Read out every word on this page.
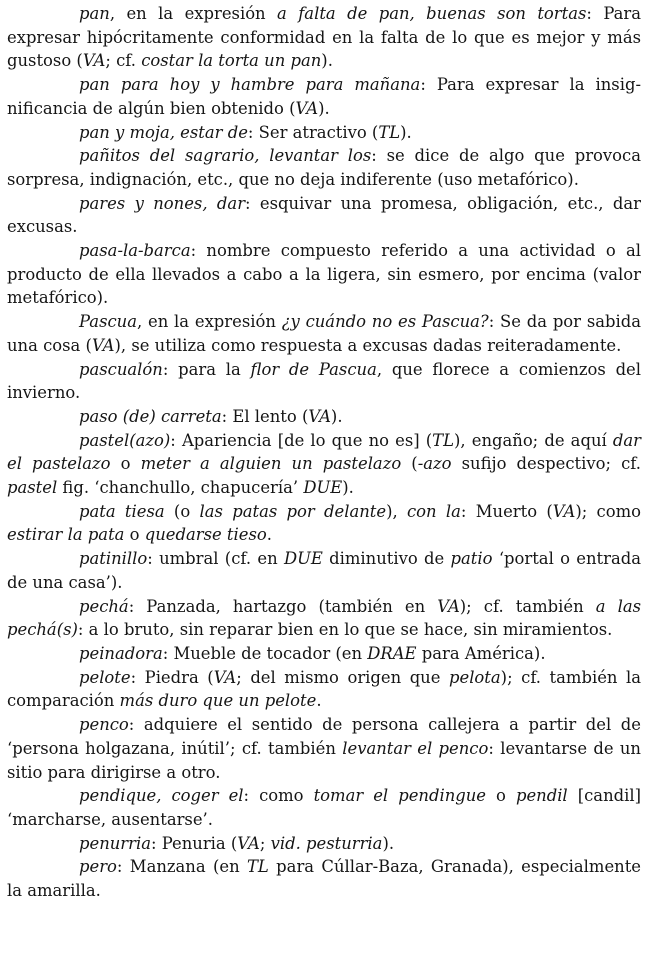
pan, en la expresión a falta de pan, buenas son tortas: Para expresar hipócritamente conformidad en la falta de lo que es mejor y más gustoso (VA; cf. costar la torta un pan).

pan para hoy y hambre para mañana: Para expresar la insignificancia de algún bien obtenido (VA).

pan y moja, estar de: Ser atractivo (TL).

pañitos del sagrario, levantar los: se dice de algo que provoca sorpresa, indignación, etc., que no deja indiferente (uso metafórico).

pares y nones, dar: esquivar una promesa, obligación, etc., dar excusas.

pasa-la-barca: nombre compuesto referido a una actividad o al producto de ella llevados a cabo a la ligera, sin esmero, por encima (valor metafórico).

Pascua, en la expresión ¿y cuándo no es Pascua?: Se da por sabida una cosa (VA), se utiliza como respuesta a excusas dadas reiteradamente.

pascualón: para la flor de Pascua, que florece a comienzos del invierno.

paso (de) carreta: El lento (VA).

pastel(azo): Apariencia [de lo que no es] (TL), engaño; de aquí dar el pastelazo o meter a alguien un pastelazo (-azo sufijo despectivo; cf. pastel fig. ‘chanchullo, chapucería’ DUE).

pata tiesa (o las patas por delante), con la: Muerto (VA); como estirar la pata o quedarse tieso.

patinillo: umbral (cf. en DUE diminutivo de patio ‘portal o entrada de una casa’).

pechá: Panzada, hartazgo (también en VA); cf. también a las pechá(s): a lo bruto, sin reparar bien en lo que se hace, sin miramientos.

peinadora: Mueble de tocador (en DRAE para América).

pelote: Piedra (VA; del mismo origen que pelota); cf. también la comparación más duro que un pelote.

penco: adquiere el sentido de persona callejera a partir del de ‘persona holgazana, inútil’; cf. también levantar el penco: levantarse de un sitio para dirigirse a otro.

pendique, coger el: como tomar el pendingue o pendil [candil] ‘marcharse, ausentarse’.

penurria: Penuria (VA; vid. pesturria).

pero: Manzana (en TL para Cúllar-Baza, Granada), especialmente la amarilla.
